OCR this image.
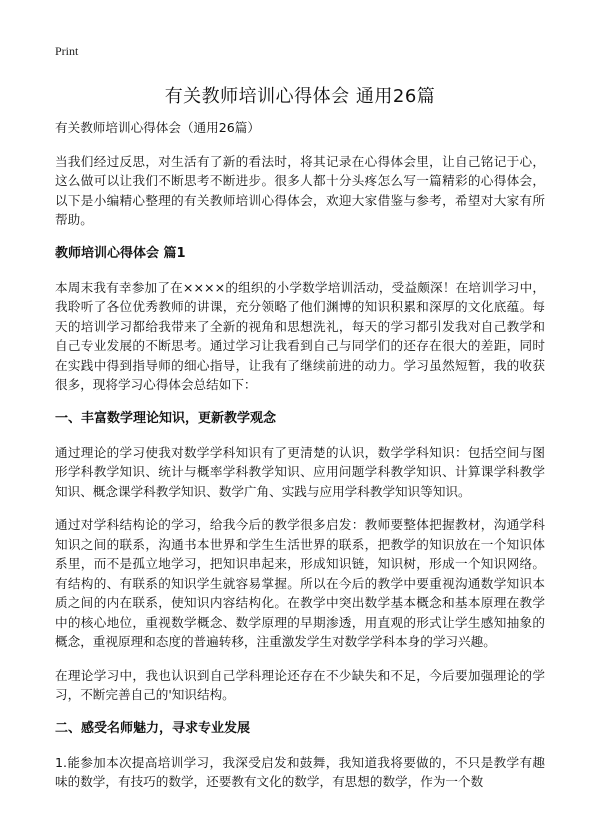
Print
有关教师培训心得体会 通用26篇

有关教师培训心得体会（通用26篇）

当我们经过反思，对生活有了新的看法时，将其记录在心得体会里，让自己铭记于心，这么做可以让我们不断思考不断进步。很多人都十分头疼怎么写一篇精彩的心得体会，以下是小编精心整理的有关教师培训心得体会，欢迎大家借鉴与参考，希望对大家有所帮助。

教师培训心得体会 篇1

本周末我有幸参加了在××××的组织的小学数学培训活动，受益颇深！在培训学习中，我聆听了各位优秀教师的讲课，充分领略了他们渊博的知识积累和深厚的文化底蕴。每天的培训学习都给我带来了全新的视角和思想洗礼，每天的学习都引发我对自己教学和自己专业发展的不断思考。通过学习让我看到自己与同学们的还存在很大的差距，同时在实践中得到指导师的细心指导，让我有了继续前进的动力。学习虽然短暂，我的收获很多，现将学习心得体会总结如下：

一、丰富数学理论知识，更新教学观念

通过理论的学习使我对数学学科知识有了更清楚的认识，数学学科知识：包括空间与图形学科教学知识、统计与概率学科教学知识、应用问题学科教学知识、计算课学科教学知识、概念课学科教学知识、数学广角、实践与应用学科教学知识等知识。

通过对学科结构论的学习，给我今后的教学很多启发：教师要整体把握教材，沟通学科知识之间的联系，沟通书本世界和学生生活世界的联系，把教学的知识放在一个知识体系里，而不是孤立地学习，把知识串起来，形成知识链，知识树，形成一个知识网络。有结构的、有联系的知识学生就容易掌握。所以在今后的教学中要重视沟通数学知识本质之间的内在联系，使知识内容结构化。在教学中突出数学基本概念和基本原理在教学中的核心地位，重视数学概念、数学原理的早期渗透，用直观的形式让学生感知抽象的概念，重视原理和态度的普遍转移，注重激发学生对数学学科本身的学习兴趣。

在理论学习中，我也认识到自己学科理论还存在不少缺失和不足，今后要加强理论的学习，不断完善自己的'知识结构。

二、感受名师魅力，寻求专业发展

1.能参加本次提高培训学习，我深受启发和鼓舞，我知道我将要做的，不只是教学有趣味的数学，有技巧的数学，还要教有文化的数学，有思想的数学，作为一个数
